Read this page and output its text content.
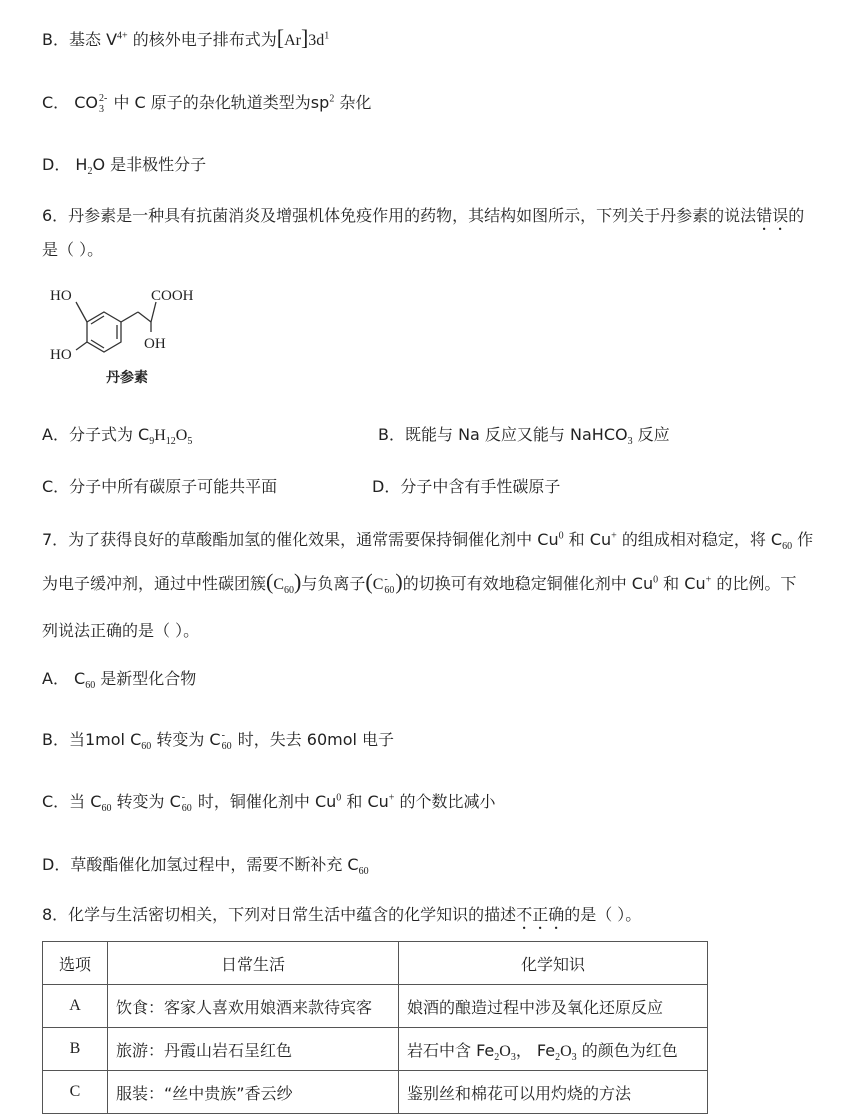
B．基态 $V^{4+}$ 的核外电子排布式为$[Ar]3d^1$
C． CO 2-
3 中 C 原子的杂化轨道类型为$sp^2$ 杂化
D． $H_2O$ 是非极性分子
6．丹参素是一种具有抗菌消炎及增强机体免疫作用的药物，其结构如图所示，下列关于丹参素的说法错误的
是（ ）。
HO	COOH
OH
HO
丹参素
A．分子式为 $C_9H_{12}O_5$	B．既能与 Na 反应又能与 NaHCO$_3$ 反应
C．分子中所有碳原子可能共平面	D．分子中含有手性碳原子
7．为了获得良好的草酸酯加氢的催化效果，通常需要保持铜催化剂中 Cu$^0$ 和 Cu+ 的组成相对稳定，将 $C_{60}$ 作
为电子缓冲剂，通过中性碳团簇$(C_{60})$与负离子(C -
60 )的切换可有效地稳定铜催化剂中 Cu$^0$ 和 Cu+ 的比例。下
列说法正确的是（ ）。
A． $C_{60}$ 是新型化合物
B．当1mol $C_{60}$ 转变为 C -
60 时，失去 60mol 电子
C．当 $C_{60}$ 转变为 C -
60 时，铜催化剂中 Cu$^0$ 和 Cu+ 的个数比减小
D．草酸酯催化加氢过程中，需要不断补充 $C_{60}$
8．化学与生活密切相关，下列对日常生活中蕴含的化学知识的描述不正确的是（ ）。
选项	日常生活	化学知识
A	饮食：客家人喜欢用娘酒来款待宾客	娘酒的酿造过程中涉及氧化还原反应
B	旅游：丹霞山岩石呈红色	岩石中含 $Fe_2O_3$， $Fe_2O_3$ 的颜色为红色
C	服装：“丝中贵族”香云纱	鉴别丝和棉花可以用灼烧的方法
